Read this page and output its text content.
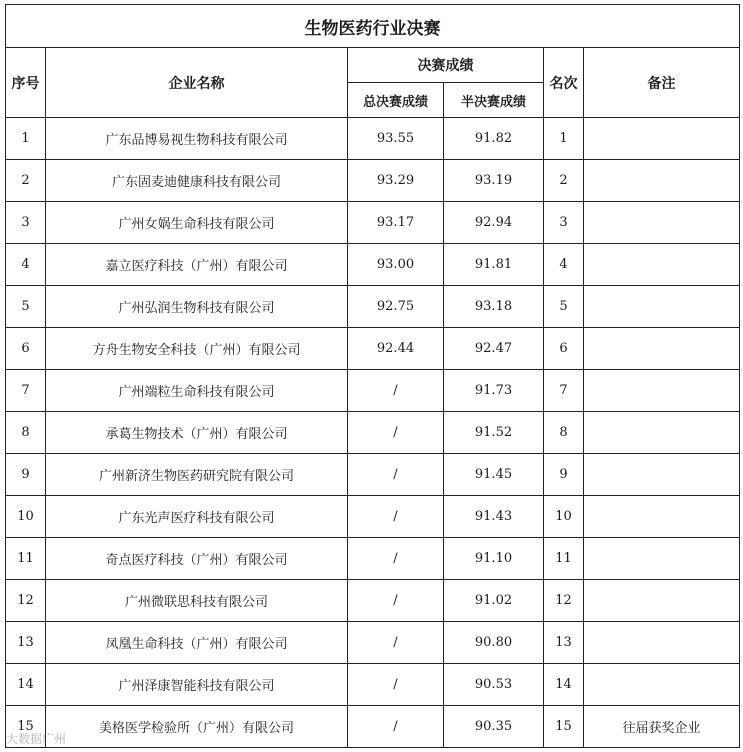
生物医药行业决赛					
序号	企业名称	决赛成绩		名次	备注
		总决赛成绩	半决赛成绩		
1	广东品博易视生物科技有限公司	93.55	91.82	1	
2	广东固麦迪健康科技有限公司	93.29	93.19	2	
3	广州女娲生命科技有限公司	93.17	92.94	3	
4	嘉立医疗科技（广州）有限公司	93.00	91.81	4	
5	广州弘润生物科技有限公司	92.75	93.18	5	
6	方舟生物安全科技（广州）有限公司	92.44	92.47	6	
7	广州端粒生命科技有限公司	/	91.73	7	
8	承葛生物技术（广州）有限公司	/	91.52	8	
9	广州新济生物医药研究院有限公司	/	91.45	9	
10	广东光声医疗科技有限公司	/	91.43	10	
11	奇点医疗科技（广州）有限公司	/	91.10	11	
12	广州微联思科技有限公司	/	91.02	12	
13	凤凰生命科技（广州）有限公司	/	90.80	13	
14	广州泽康智能科技有限公司	/	90.53	14	
15	美格医学检验所（广州）有限公司	/	90.35	15	往届获奖企业
大数据广州
